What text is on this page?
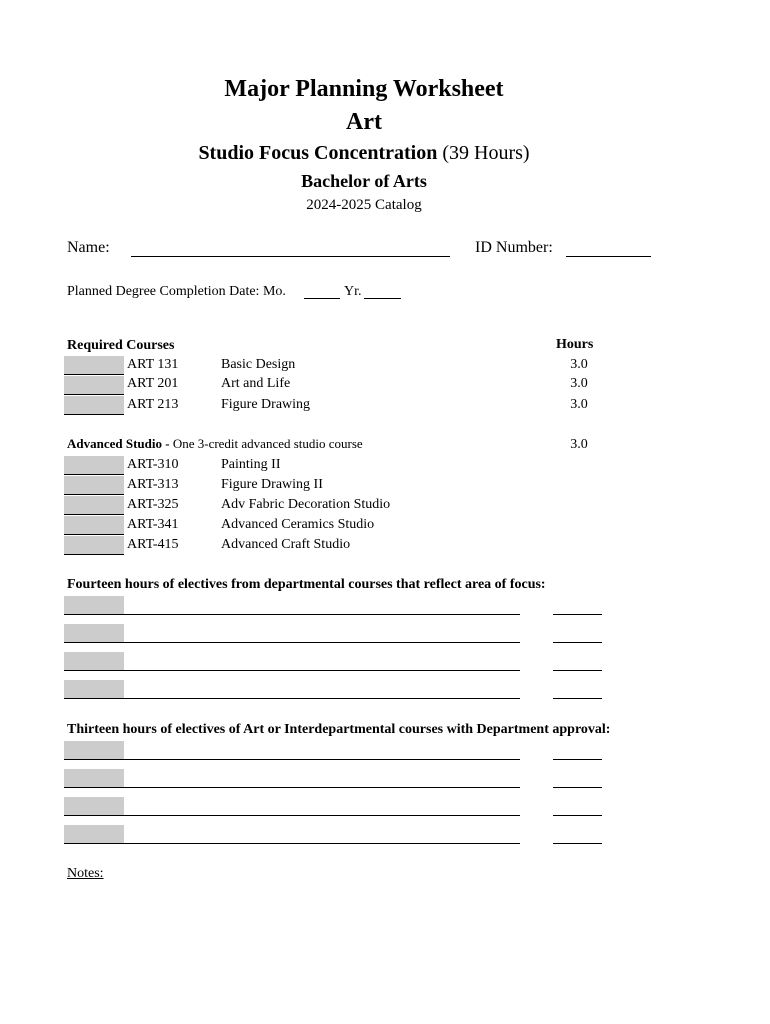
Major Planning Worksheet
Art
Studio Focus Concentration (39 Hours)
Bachelor of Arts
2024-2025 Catalog
Name:	ID Number:
Planned Degree Completion Date: Mo.	Yr.
Required Courses	Hours
ART 131	Basic Design	3.0
ART 201	Art and Life	3.0
ART 213	Figure Drawing	3.0
Advanced Studio - One 3-credit advanced studio course	3.0
ART-310	Painting II
ART-313	Figure Drawing II
ART-325	Adv Fabric Decoration Studio
ART-341	Advanced Ceramics Studio
ART-415	Advanced Craft Studio
Fourteen hours of electives from departmental courses that reflect area of focus:
Thirteen hours of electives of Art or Interdepartmental courses with Department approval:
Notes:
